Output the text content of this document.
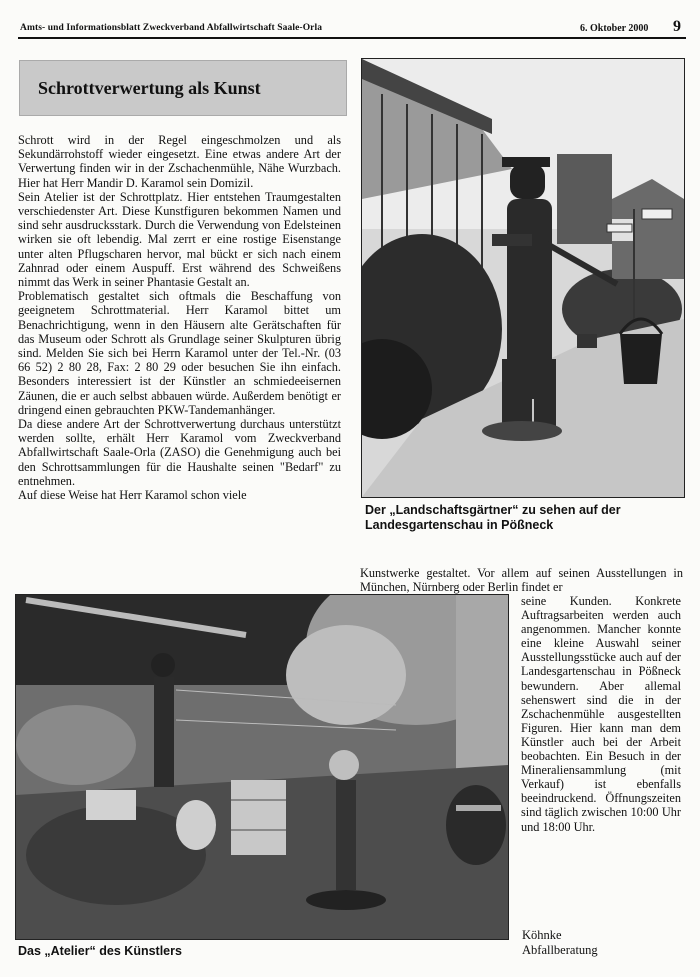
Amts- und Informationsblatt Zweckverband Abfallwirtschaft Saale-Orla	6. Oktober 2000 9
Schrottverwertung als Kunst

Schrott wird in der Regel eingeschmolzen und als Sekundärrohstoff wieder eingesetzt. Eine etwas andere Art der Verwertung finden wir in der Zschachenmühle, Nähe Wurzbach. Hier hat Herr Mandir D. Karamol sein Domizil.

Sein Atelier ist der Schrottplatz. Hier entstehen Traumgestalten verschiedenster Art. Diese Kunstfiguren bekommen Namen und sind sehr ausdrucksstark. Durch die Verwendung von Edelsteinen wirken sie oft lebendig. Mal zerrt er eine rostige Eisenstange unter alten Pflugscharen hervor, mal bückt er sich nach einem Zahnrad oder einem Auspuff. Erst während des Schweißens nimmt das Werk in seiner Phantasie Gestalt an.

Problematisch gestaltet sich oftmals die Beschaffung von geeignetem Schrottmaterial. Herr Karamol bittet um Benachrichtigung, wenn in den Häusern alte Gerätschaften für das Museum oder Schrott als Grundlage seiner Skulpturen übrig sind. Melden Sie sich bei Herrn Karamol unter der Tel.-Nr. (03 66 52) 2 80 28, Fax: 2 80 29 oder besuchen Sie ihn einfach. Besonders interessiert ist der Künstler an schmiedeeisernen Zäunen, die er auch selbst abbauen würde. Außerdem benötigt er dringend einen gebrauchten PKW-Tandemanhänger.

Da diese andere Art der Schrottverwertung durchaus unterstützt werden sollte, erhält Herr Karamol vom Zweckverband Abfallwirtschaft Saale-Orla (ZASO) die Genehmigung auch bei den Schrottsammlungen für die Haushalte seinen "Bedarf" zu entnehmen.

Auf diese Weise hat Herr Karamol schon viele

Der „Landschaftsgärtner“ zu sehen auf der Landesgartenschau in Pößneck
Kunstwerke gestaltet. Vor allem auf seinen Ausstellungen in München, Nürnberg oder Berlin findet er
Das „Atelier“ des Künstlers

seine Kunden. Konkrete Auftragsarbeiten werden auch angenommen. Mancher konnte eine kleine Auswahl seiner Ausstellungsstücke auch auf der Landesgartenschau in Pößneck bewundern. Aber allemal sehenswert sind die in der Zschachenmühle ausgestellten Figuren. Hier kann man dem Künstler auch bei der Arbeit beobachten. Ein Besuch in der Mineraliensammlung (mit Verkauf) ist ebenfalls beeindruckend. Öffnungszeiten sind täglich zwischen 10:00 Uhr und 18:00 Uhr.

Köhnke
Abfallberatung
